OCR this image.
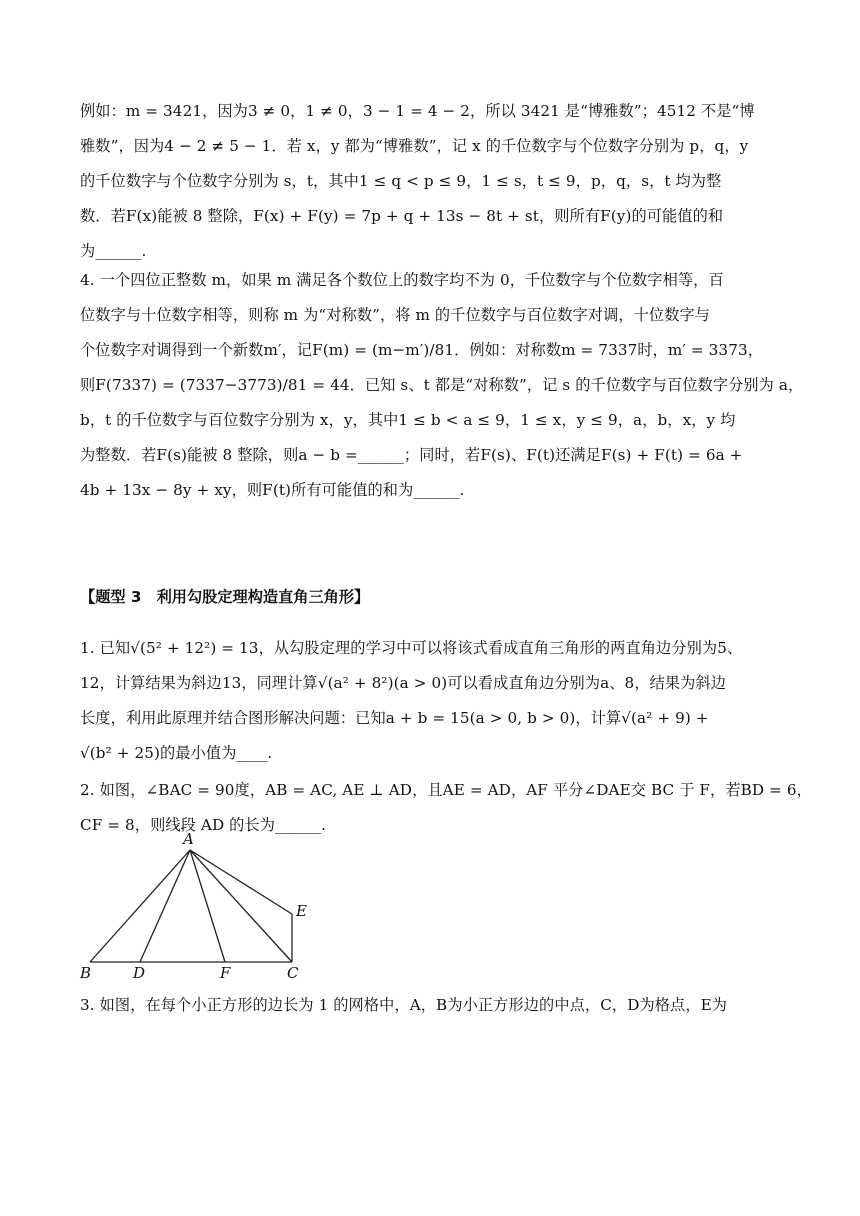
例如：m = 3421，因为3 ≠ 0，1 ≠ 0，3 − 1 = 4 − 2，所以 3421 是“博雅数”；4512 不是“博

雅数”，因为4 − 2 ≠ 5 − 1．若 x，y 都为“博雅数”，记 x 的千位数字与个位数字分别为 p，q，y

的千位数字与个位数字分别为 s，t，其中1 ≤ q < p ≤ 9，1 ≤ s，t ≤ 9，p，q，s，t 均为整

数．若F(x)能被 8 整除，F(x) + F(y) = 7p + q + 13s − 8t + st，则所有F(y)的可能值的和

为______.

4. 一个四位正整数 m，如果 m 满足各个数位上的数字均不为 0，千位数字与个位数字相等，百

位数字与十位数字相等，则称 m 为“对称数”，将 m 的千位数字与百位数字对调，十位数字与

个位数字对调得到一个新数m′，记F(m) = (m−m′)/81．例如：对称数m = 7337时，m′ = 3373，

则F(7337) = (7337−3773)/81 = 44．已知 s、t 都是“对称数”，记 s 的千位数字与百位数字分别为 a，

b，t 的千位数字与百位数字分别为 x，y，其中1 ≤ b < a ≤ 9，1 ≤ x，y ≤ 9，a，b，x，y 均

为整数．若F(s)能被 8 整除，则a − b =______；同时，若F(s)、F(t)还满足F(s) + F(t) = 6a +

4b + 13x − 8y + xy，则F(t)所有可能值的和为______.

【题型 3　利用勾股定理构造直角三角形】

1. 已知√(5² + 12²) = 13，从勾股定理的学习中可以将该式看成直角三角形的两直角边分别为5、

12，计算结果为斜边13，同理计算√(a² + 8²)(a > 0)可以看成直角边分别为a、8，结果为斜边

长度，利用此原理并结合图形解决问题：已知a + b = 15(a > 0, b > 0)，计算√(a² + 9) +

√(b² + 25)的最小值为____.

2. 如图，∠BAC = 90度，AB = AC, AE ⊥ AD，且AE = AD，AF 平分∠DAE交 BC 于 F，若BD = 6，

CF = 8，则线段 AD 的长为______.

A
B	D	F	C
E

3. 如图，在每个小正方形的边长为 1 的网格中，A，B为小正方形边的中点，C，D为格点，E为
